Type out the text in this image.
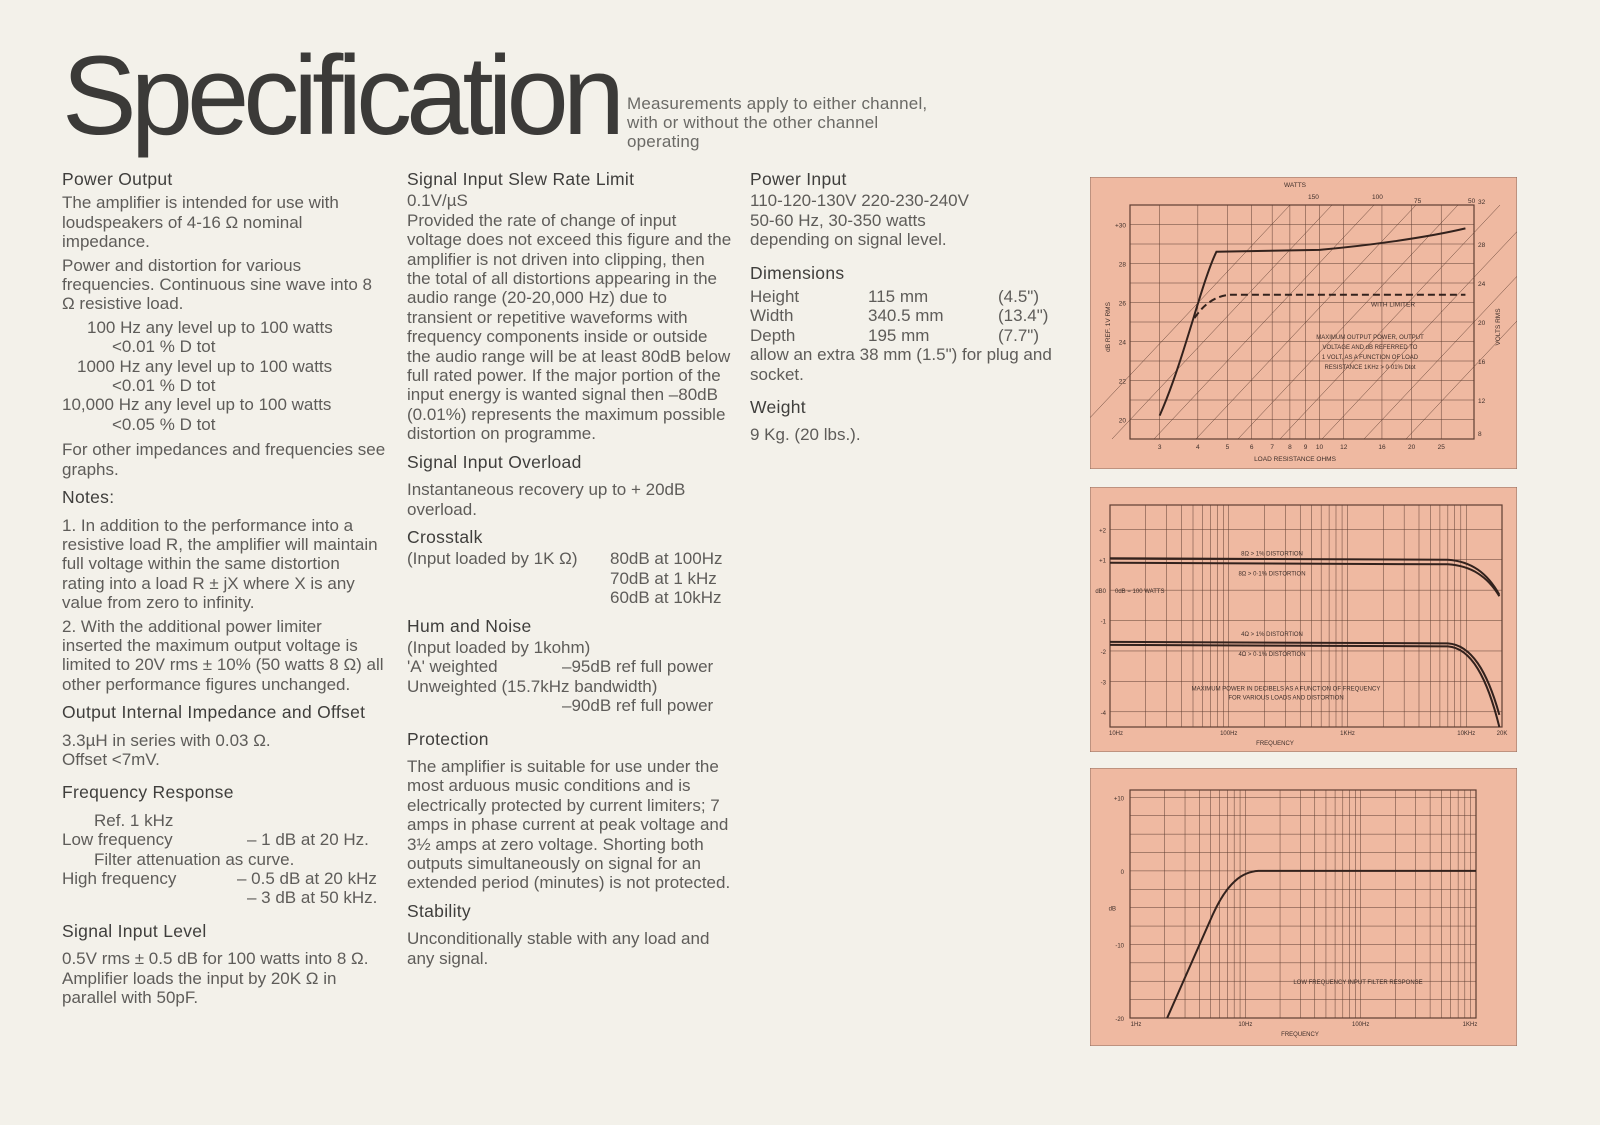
Specification Measurements apply to either channel, with or without the other channel operating
Power Output

The amplifier is intended for use with loudspeakers of 4-16 Ω nominal impedance.

Power and distortion for various frequencies. Continuous sine wave into 8 Ω resistive load.

100 Hz any level up to 100 watts
<0.01 % D tot
1000 Hz any level up to 100 watts
<0.01 % D tot
10,000 Hz any level up to 100 watts
<0.05 % D tot

For other impedances and frequencies see graphs.

Notes:

1. In addition to the performance into a resistive load R, the amplifier will maintain full voltage within the same distortion rating into a load R ± jX where X is any value from zero to infinity.

2. With the additional power limiter inserted the maximum output voltage is limited to 20V rms ± 10% (50 watts 8 Ω) all other performance figures unchanged.

Output Internal Impedance and Offset
3.3µH in series with 0.03 Ω.
Offset <7mV.
Frequency Response
Ref. 1 kHz
Low frequency	– 1 dB at 20 Hz.
Filter attenuation as curve.
High frequency	– 0.5 dB at 20 kHz
– 3 dB at 50 kHz.
Signal Input Level

0.5V rms ± 0.5 dB for 100 watts into 8 Ω. Amplifier loads the input by 20K Ω in parallel with 50pF.

Signal Input Slew Rate Limit
0.1V/µS

Provided the rate of change of input voltage does not exceed this figure and the amplifier is not driven into clipping, then the total of all distortions appearing in the audio range (20-20,000 Hz) due to transient or repetitive waveforms with frequency components inside or outside the audio range will be at least 80dB below full rated power. If the major portion of the input energy is wanted signal then –80dB (0.01%) represents the maximum possible distortion on programme.

Signal Input Overload

Instantaneous recovery up to + 20dB overload.

Crosstalk
(Input loaded by 1K Ω)	80dB at 100Hz
70dB at 1 kHz
60dB at 10kHz
Hum and Noise
(Input loaded by 1kohm)
'A' weighted	–95dB ref full power
Unweighted (15.7kHz bandwidth)
–90dB ref full power
Protection

The amplifier is suitable for use under the most arduous music conditions and is electrically protected by current limiters; 7 amps in phase current at peak voltage and 3½ amps at zero voltage. Shorting both outputs simultaneously on signal for an extended period (minutes) is not protected.

Stability

Unconditionally stable with any load and any signal.

Power Input
110-120-130V 220-230-240V
50-60 Hz, 30-350 watts
depending on signal level.
Dimensions
Height	115 mm	(4.5")
Width	340.5 mm	(13.4")
Depth	195 mm	(7.7")

allow an extra 38 mm (1.5") for plug and socket.

Weight
9 Kg. (20 lbs.).
WATTS
150	100
75	50
+30
28
26
24
22
20
32
28
24
20
16
12
8
3	4	5	6	7 8 9 10	12	16	20	25
LOAD RESISTANCE OHMS
dB REF. 1V RMS	VOLTS RMS
WITH LIMITER
MAXIMUM OUTPUT POWER, OUTPUT
VOLTAGE AND dB REFERRED TO
1 VOLT, AS A FUNCTION OF LOAD
RESISTANCE 1KHz > 0·01% Dtot
+2
+1
dB0
-1
-2
-3
-4
10Hz	100Hz	1KHz	10KHz	20K
FREQUENCY
0dB = 100 WATTS
8Ω > 1% DISTORTION
8Ω > 0·1% DISTORTION
4Ω > 1% DISTORTION
4Ω > 0·1% DISTORTION
MAXIMUM POWER IN DECIBELS AS A FUNCTION OF FREQUENCY
FOR VARIOUS LOADS AND DISTORTION
+10
0
-10
-20
dB
1Hz	10Hz	100Hz	1KHz
FREQUENCY
LOW FREQUENCY INPUT FILTER RESPONSE
